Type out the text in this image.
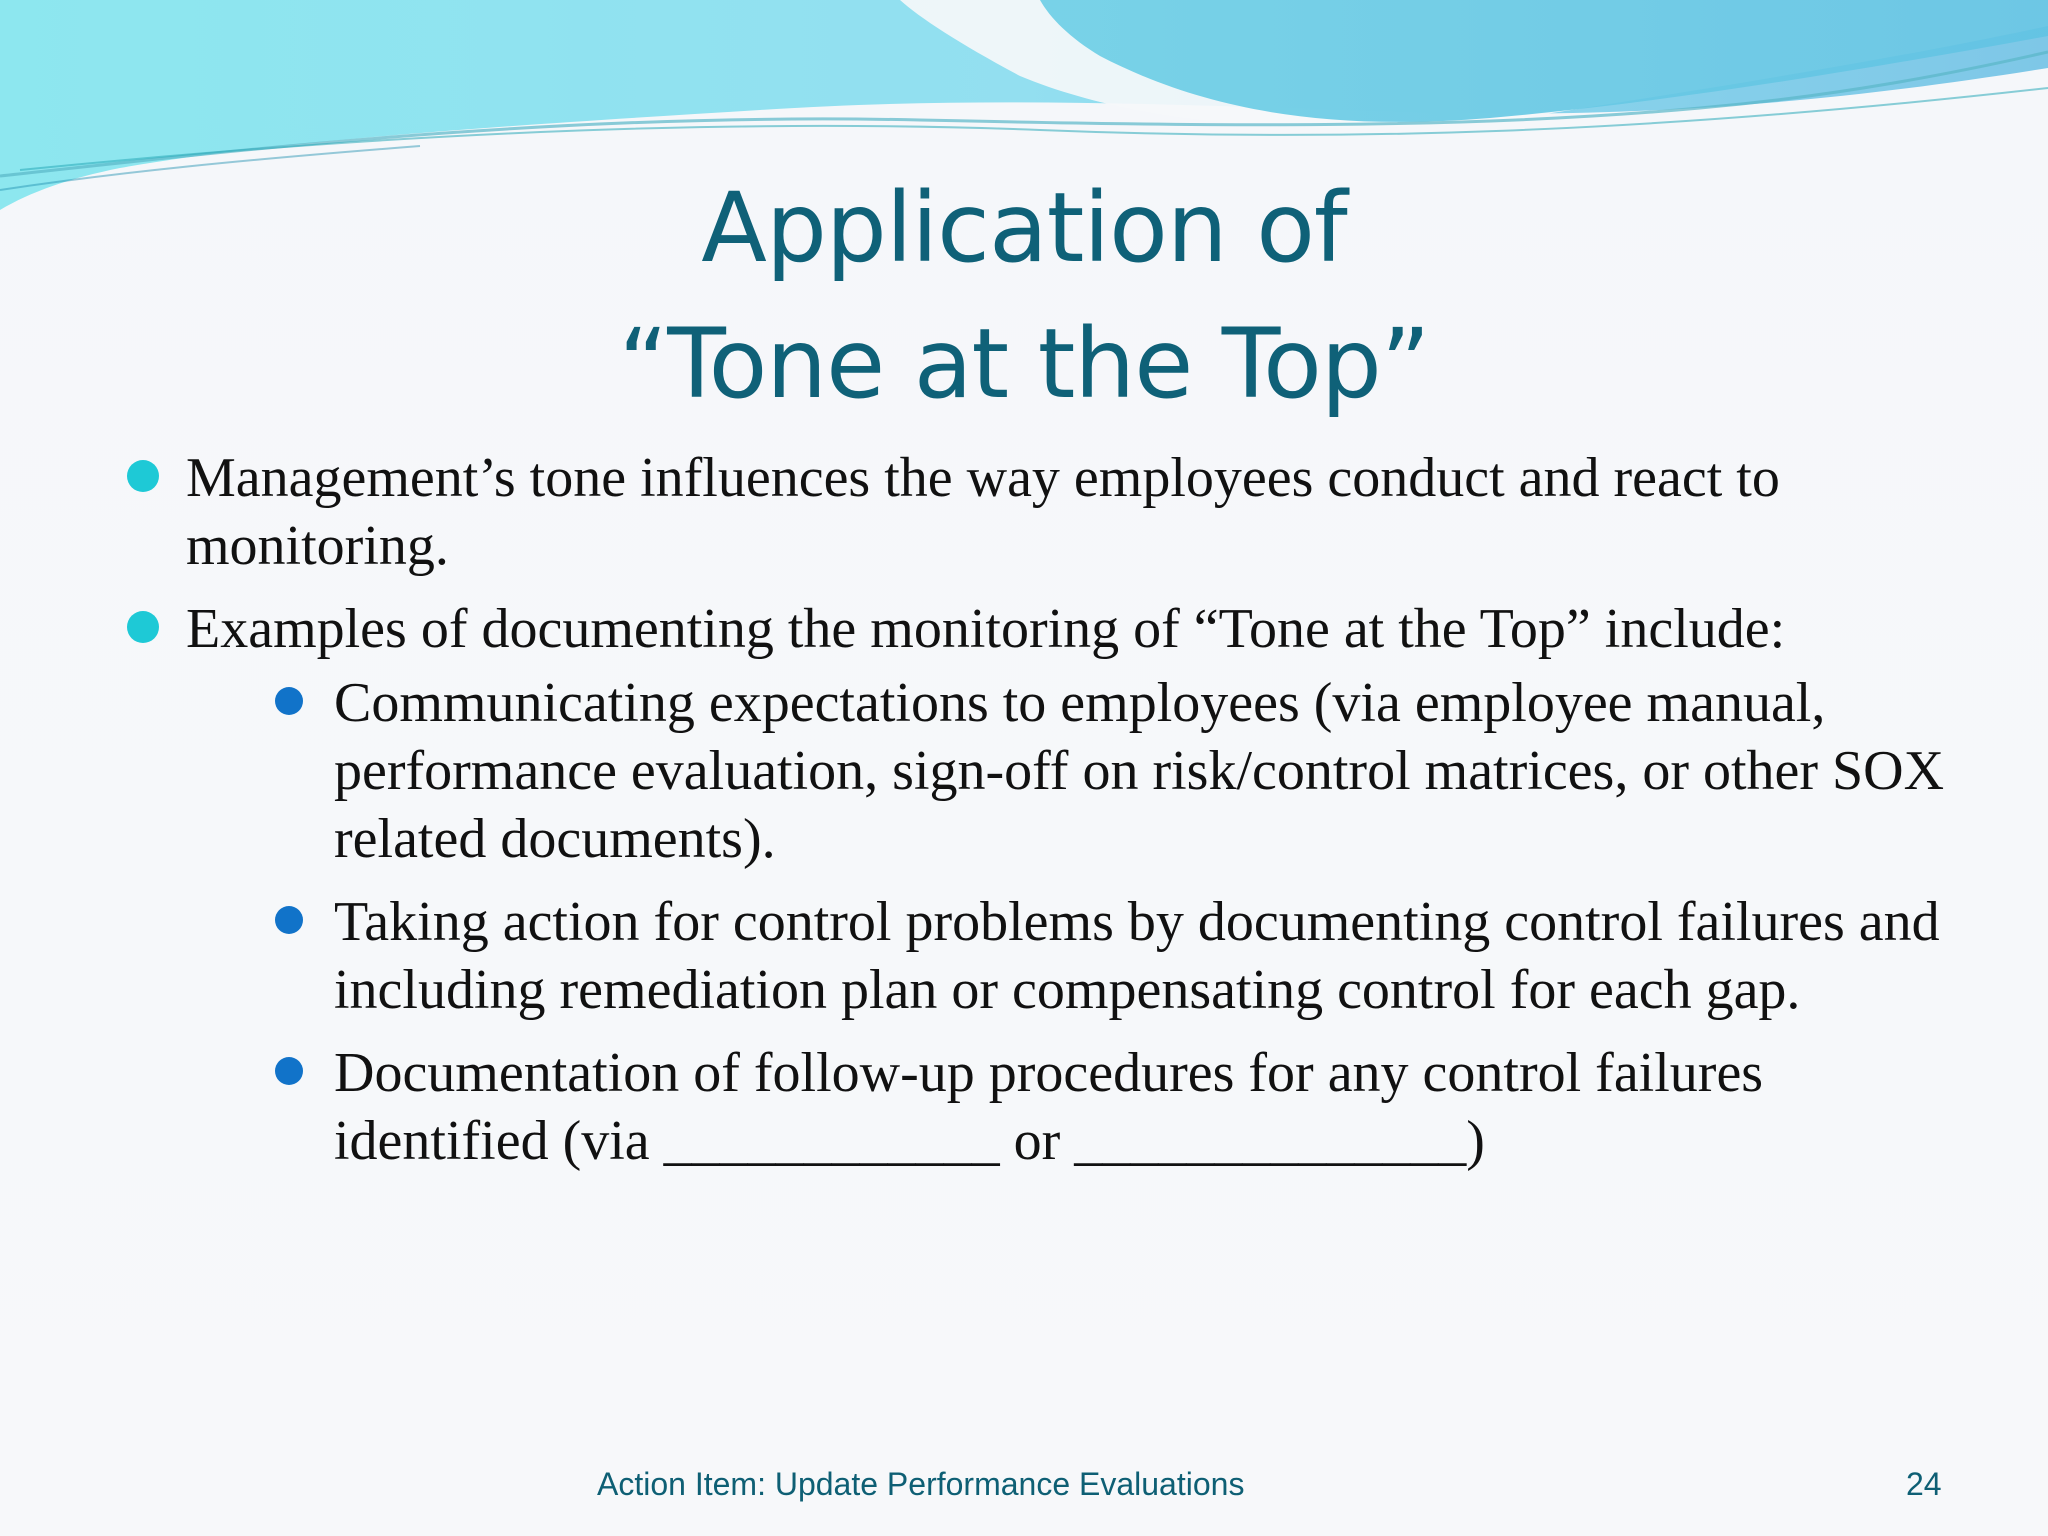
Application of
“Tone at the Top”
Management’s tone influences the way employees conduct and react to monitoring.
Examples of documenting the monitoring of “Tone at the Top” include:
Communicating expectations to employees (via employee manual, performance evaluation, sign-off on risk/control matrices, or other SOX related documents).
Taking action for control problems by documenting control failures and including remediation plan or compensating control for each gap.
Documentation of follow-up procedures for any control failures identified (via ____________ or ______________)
Action Item: Update Performance Evaluations	24
